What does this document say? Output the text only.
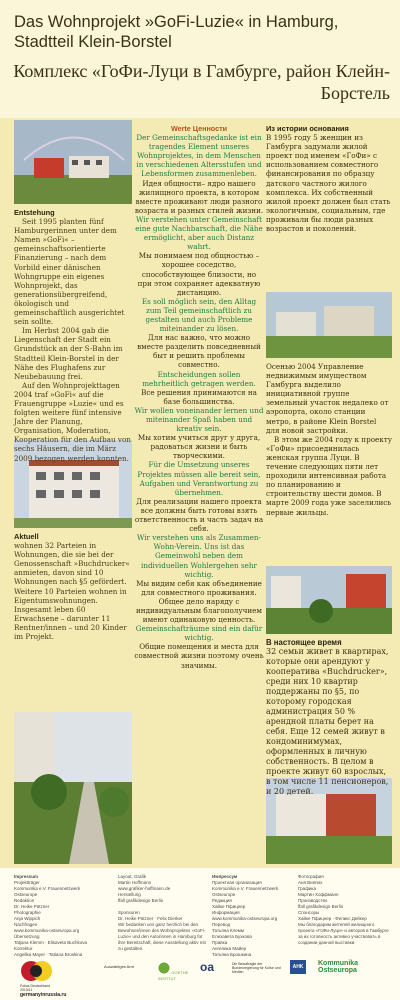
Das Wohnprojekt »GoFi-Luzie« in Hamburg, Stadtteil Klein-Borstel
Комплекс «ГоФи-Луци в Гамбурге, район Клейн-Борстель
Entstehung
Seit 1995 planten fünf Hamburgerinnen unter dem Namen »GoFi« – gemeinschaftsorientierte Finanzierung – nach dem Vorbild einer dänischen Wohngruppe ein eigenes Wohnprojekt, das generationsübergreifend, ökologisch und gemeinschaftlich ausgerichtet sein sollte.
Im Herbst 2004 gab die Liegenschaft der Stadt ein Grundstück an der S-Bahn im Stadtteil Klein-Borstel in der Nähe des Flughafens zur Neubebauung frei.
Auf den Wohnprojekttagen 2004 traf »GoFi« auf die Frauengruppe »Luzie« und es folgten weitere fünf intensive Jahre der Planung, Organisation, Moderation, Kooperation für den Aufbau von sechs Häusern, die im März 2009 bezogen werden konnten.
Aktuell
wohnen 32 Parteien in Wohnungen, die sie bei der Genossenschaft »Buchdrucker« anmieten, davon sind 10 Wohnungen nach §5 gefördert. Weitere 10 Parteien wohnen in Eigentumswohnungen. Insgesamt leben 60 Erwachsene – darunter 11 Rentner/innen – und 20 Kinder im Projekt.
Werte Ценности
Der Gemeinschaftsgedanke ist ein tragendes Element unseres Wohnprojektes, in dem Menschen in verschiedenen Altersstufen und Lebensformen zusammenleben.
Идея общности– ядро нашего жилищного проекта, в котором вместе проживают люди разного возраста и разных стилей жизни.
Wir verstehen unter Gemeinschaft eine gute Nachbarschaft, die Nähe ermöglicht, aber auch Distanz wahrt.
Мы понимаем под общностью – хорошее соседство, способствующее близости, но при этом сохраняет адекватную дистанцию.
Es soll möglich sein, den Alltag zum Teil gemeinschaftlich zu gestalten und auch Probleme miteinander zu lösen.
Для нас важно, что можно вместе разделить повседневный быт и решить проблемы совместно.
Entscheidungen sollen mehrheitlich getragen werden.
Все решения принимаются на базе большинства.
Wir wollen voneinander lernen und miteinander Spaß haben und kreativ sein.
Мы хотим учиться друг у друга, радоваться жизни и быть творческими.
Für die Umsetzung unseres Projektes müssen alle bereit sein, Aufgaben und Verantwortung zu übernehmen.
Для реализации нашего проекта все должны быть готовы взять ответственность и часть задач на себя.
Wir verstehen uns als Zusammen-Wohn-Verein. Uns ist das Gemeinwohl neben dem individuellen Wohlergehen sehr wichtig.
Мы видим себя как объединение для совместного проживания. Общее дело наряду с индивидуальным благополучием имеют одинаковую ценность.
Gemeinschafträume sind ein dafür wichtig.
Общие помещения и места для совместной жизни поэтому очень значимы.
Из истории основания
В 1995 году 5 женщин из Гамбурга задумали жилой проект под именем «ГоФи» с использованием совместного финансирования по образцу датского частного жилого комплекса. Их собственный жилой проект должен был стать экологичным, социальным, где проживали бы люди разных возрастов и поколений.
Осенью 2004 Управление недвижимым имуществом Гамбурга выделило инициативной группе земельный участок недалеко от аэропорта, около станции метро, в районе Klein Borstel для новой застройки.
В этом же 2004 году к проекту «ГоФи» присоединилась женская группа Луци. В течение следующих пяти лет проходили интенсивная работа по планированию и строительству шести домов. В марте 2009 года уже заселились первые жильцы.
В настоящее время
32 семьи живет в квартирах, которые они арендуют у кооператива «Buchdrucker», среди них 10 квартир поддержаны по §5, по которому городская администрация 50 % арендной платы берет на себя. Еще 12 семей живут в кондоминимумах, оформленных в личную собственность. В целом в проекте живут 60 взрослых, в том числе 11 пенсионеров, и 20 детей.
Impressum
Projektträger
Kommunika e.V. Frauennetzwerk
Ostseurope
Redaktion
Dr. Heike Pützner
Photographie
Anja Wippich
Nachfragen
www.kommunika-ostseuropa.org
Übersetzung
Tatjana Klemm · Elisaveta Buchkova
Korrektur
Angelika Mayer · Tatiana Broskina
Layout, Grafik
Martin Hoffmann
www.grafiker-hoffmann.de
Herstellung
ffall grafikdesign Berlin

Sponsoren
Dr. Heike Pützner · Felix Dierker
Wir bedanken uns ganz herzlich bei den Bewohner/innen des Wohnprojektes »GoFi-Luzie« und den Autorinnen in Hamburg für ihre Bereitschaft, diese Ausstellung aktiv mit zu gestalten.
Импрессум
Проектная организация
Kommunika e.V. Frauennetzwerk
Ostseurope
Редакция
Хайке Пфицнер
Информация
www.kommunika-ostseuropa.org
Перевод
Татьяна Клемм
Елизавета Бухкова
Правка
Ангелика Майер
Татьяна Брошкина
Фотография
Аня Виппих
Графика
Мартин Хоффманн
Производство
ffall grafikdesign Berlin
Спонсоры
Хайке Пфицнер · Феликс Дейкер
Мы благодарим жителей жилищного проекта «ГоФи-Луци» и авторов в Гамбурге за их готовность активно участвовать в создании данной выставки.
Fokus Deutschland 2010/11
Auswärtiges Amt
GOETHE INSTITUT
oa	Die Beauftragte der Bundesregierung für Kultur und Medien
AHK	Kommunika Ostseuropa
germanyinrussia.ru
